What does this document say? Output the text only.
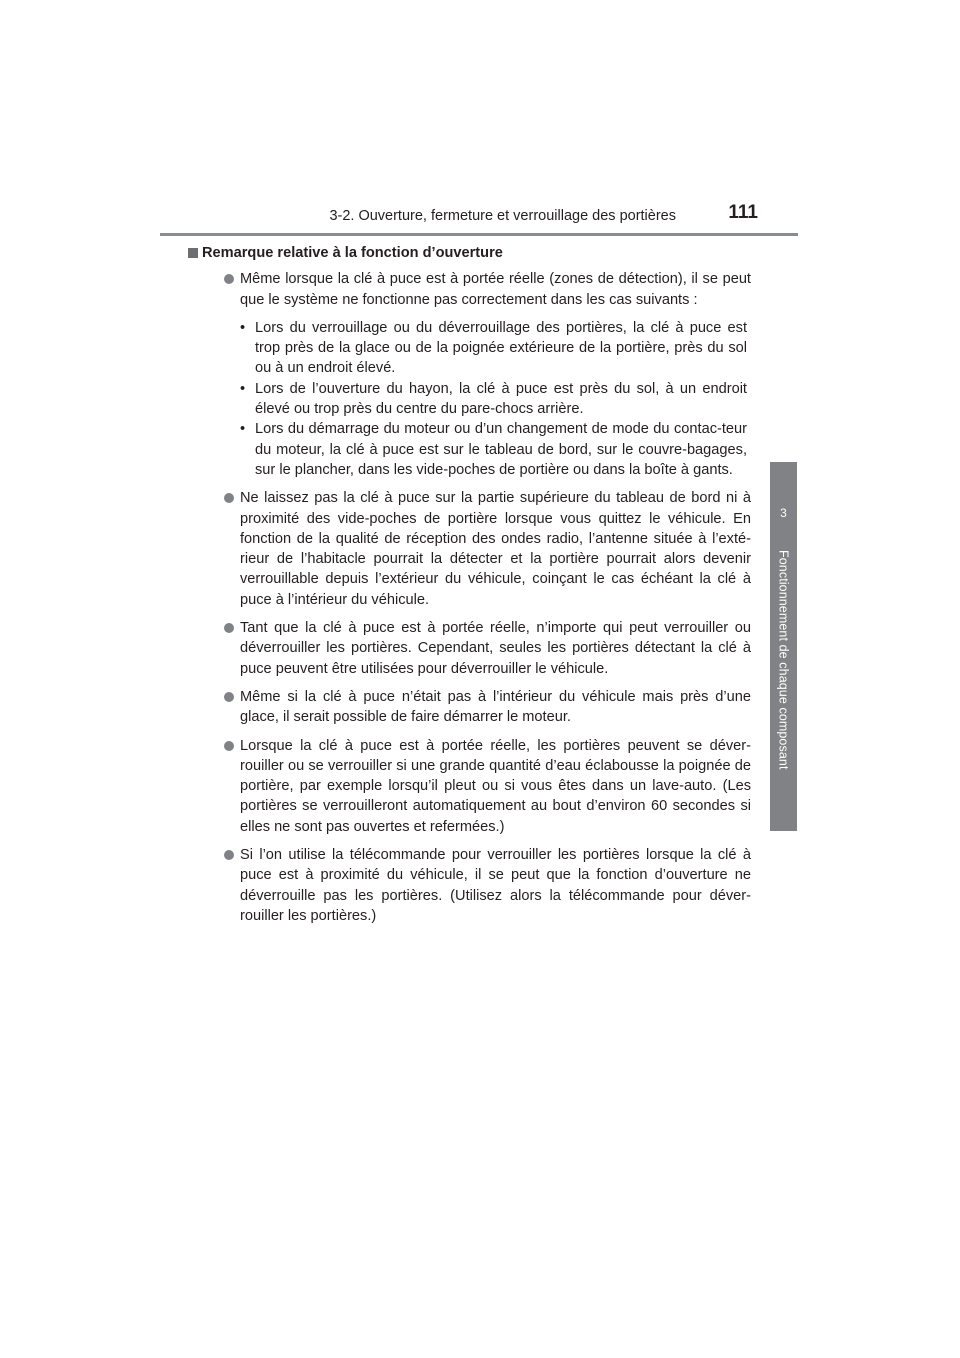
3-2. Ouverture, fermeture et verrouillage des portières	111
3
Fonctionnement de chaque composant
Remarque relative à la fonction d’ouverture
Même lorsque la clé à puce est à portée réelle (zones de détection), il se peut que le système ne fonctionne pas correctement dans les cas suivants :
• Lors du verrouillage ou du déverrouillage des portières, la clé à puce est trop près de la glace ou de la poignée extérieure de la portière, près du sol ou à un endroit élevé.
• Lors de l’ouverture du hayon, la clé à puce est près du sol, à un endroit élevé ou trop près du centre du pare-chocs arrière.
• Lors du démarrage du moteur ou d’un changement de mode du contac-teur du moteur, la clé à puce est sur le tableau de bord, sur le couvre-bagages, sur le plancher, dans les vide-poches de portière ou dans la boîte à gants.
Ne laissez pas la clé à puce sur la partie supérieure du tableau de bord ni à proximité des vide-poches de portière lorsque vous quittez le véhicule. En fonction de la qualité de réception des ondes radio, l’antenne située à l’exté-rieur de l’habitacle pourrait la détecter et la portière pourrait alors devenir verrouillable depuis l’extérieur du véhicule, coinçant le cas échéant la clé à puce à l’intérieur du véhicule.
Tant que la clé à puce est à portée réelle, n’importe qui peut verrouiller ou déverrouiller les portières. Cependant, seules les portières détectant la clé à puce peuvent être utilisées pour déverrouiller le véhicule.
Même si la clé à puce n’était pas à l’intérieur du véhicule mais près d’une glace, il serait possible de faire démarrer le moteur.
Lorsque la clé à puce est à portée réelle, les portières peuvent se déver-rouiller ou se verrouiller si une grande quantité d’eau éclabousse la poignée de portière, par exemple lorsqu’il pleut ou si vous êtes dans un lave-auto. (Les portières se verrouilleront automatiquement au bout d’environ 60 secondes si elles ne sont pas ouvertes et refermées.)
Si l’on utilise la télécommande pour verrouiller les portières lorsque la clé à puce est à proximité du véhicule, il se peut que la fonction d’ouverture ne déverrouille pas les portières. (Utilisez alors la télécommande pour déver-rouiller les portières.)
